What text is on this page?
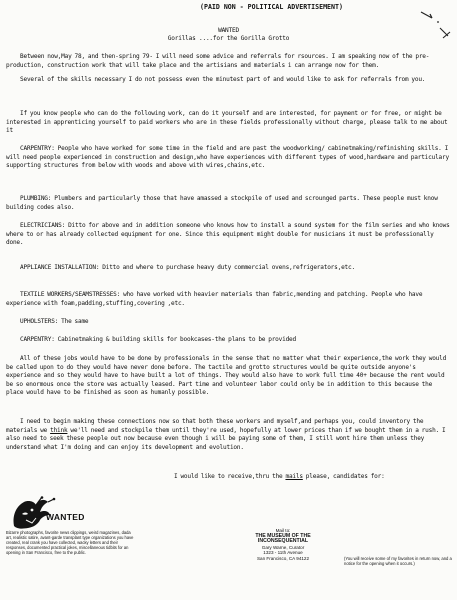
(PAID NON - POLITICAL ADVERTISEMENT)
WANTED
Gorillas ....for the Gorilla Grotto
Between now,May 78, and then-spring 79- I will need some advice and referrals for rsources. I am speaking now of the pre-production, construction work that will take place and the artisians and materials i can arrange now for them.
Several of the skills necessary I do not possess even the minutest part of and would like to ask for referrals from you.
If you know people who can do the following work, can do it yourself and are interested, for payment or for free, or might be interested in apprenticing yourself to paid workers who are in these fields professionally without charge, please talk to me about it
CARPENTRY: People who have worked for some time in the field and are past the woodworking/ cabinetmaking/refinishing skills. I will need people experienced in construction and design,who have experiences with different types of wood,hardware and particulary supporting structures from below with woods and above with wires,chains,etc.
PLUMBING: Plumbers and particularly those that have amassed a stockpile of used and scrounged parts. These people must know building codes also.
ELECTRICIANS: Ditto for above and in addition someone who knows how to install a sound system for the film series and who knows where to or has already collected equipment for one. Since this equipment might double for musicians it must be professionally done.
APPLIANCE INSTALLATION: Ditto and where to purchase heavy duty commercial ovens,refrigerators,etc.
TEXTILE WORKERS/SEAMSTRESSES: who have worked with heavier materials than fabric,mending and patching. People who have experience with foam,padding,stuffing,covering ,etc.
UPHOLSTERS: The same
CARPENTRY: Cabinetmaking & building skills for bookcases-the plans to be provided
All of these jobs would have to be done by professionals in the sense that no matter what their experience,the work they would be called upon to do they would have never done before. The tactile and grotto structures would be quite outside anyone's experience and so they would have to have built a lot of things. They would also have to work full time 40+ because the rent would be so enormous once the store was actually leased. Part time and volunteer labor could only be in addition to this because the place would have to be finished as soon as humanly possible.
I need to begin making these connections now so that both these workers and myself,and perhaps you, could inventory the materials we think we'll need and stockpile them until they're used, hopefully at lower prices than if we bought them in a rush. I also need to seek these people out now because even though i will be paying some of them, I still wont hire them unless they understand what I'm doing and can enjoy its development and evolution.
I would like to receive,thru the mails please, candidates for:
WANTED
Bizarre photographs, favorite news clippings, weird magazines, dada art, realistic satire, avant-garde transplant type organizations you have created, real crank you have collected, wacky letters and their responses, documented practical jokes, miscellaneous tidbits for an opening in San Francisco, free to the public.
Mail to:
THE MUSEUM OF THE
INCONSEQUENTIAL
Gary Warne, Curator
1323 - 11th Avenue
San Francisco, CA 94122	(You will receive some of my favorites in return now, and a notice for the opening when it occurs.)
